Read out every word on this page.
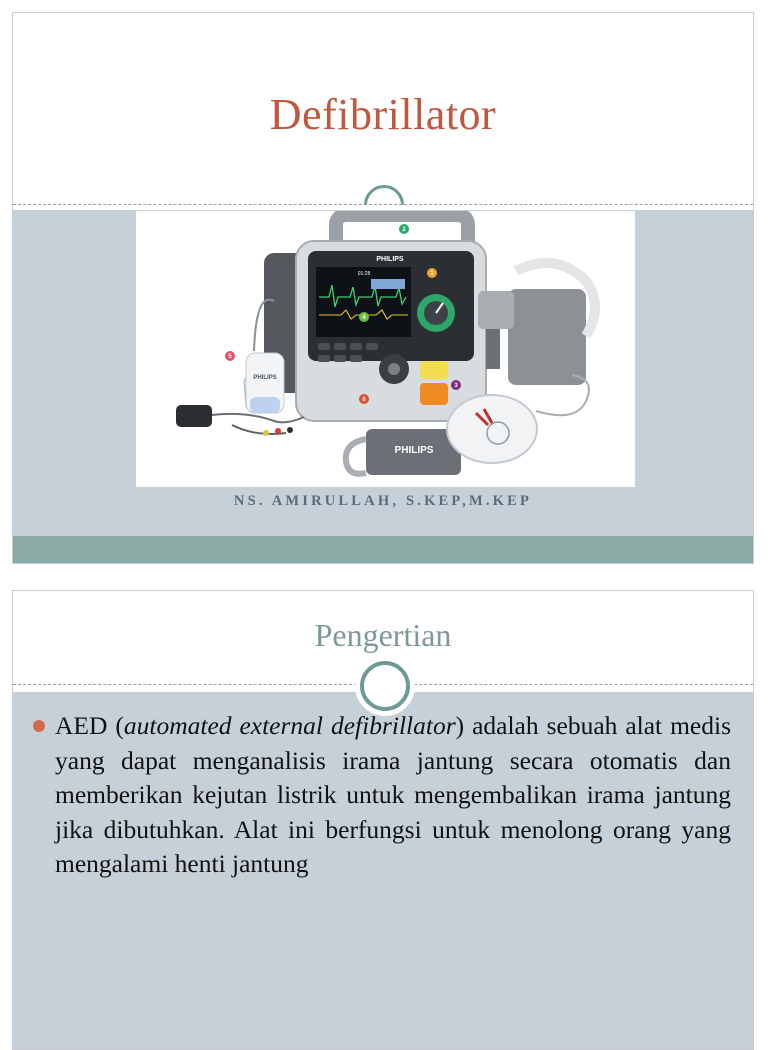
Defibrillator
PHILIPS
01:28
PHILIPS
PHILIPS
1
2
3
4
5
6
NS. AMIRULLAH, S.KEP,M.KEP
Pengertian
AED (automated external defibrillator) adalah sebuah alat medis yang dapat menganalisis irama jantung secara otomatis dan memberikan kejutan listrik untuk mengembalikan irama jantung jika dibutuhkan. Alat ini berfungsi untuk menolong orang yang mengalami henti jantung
